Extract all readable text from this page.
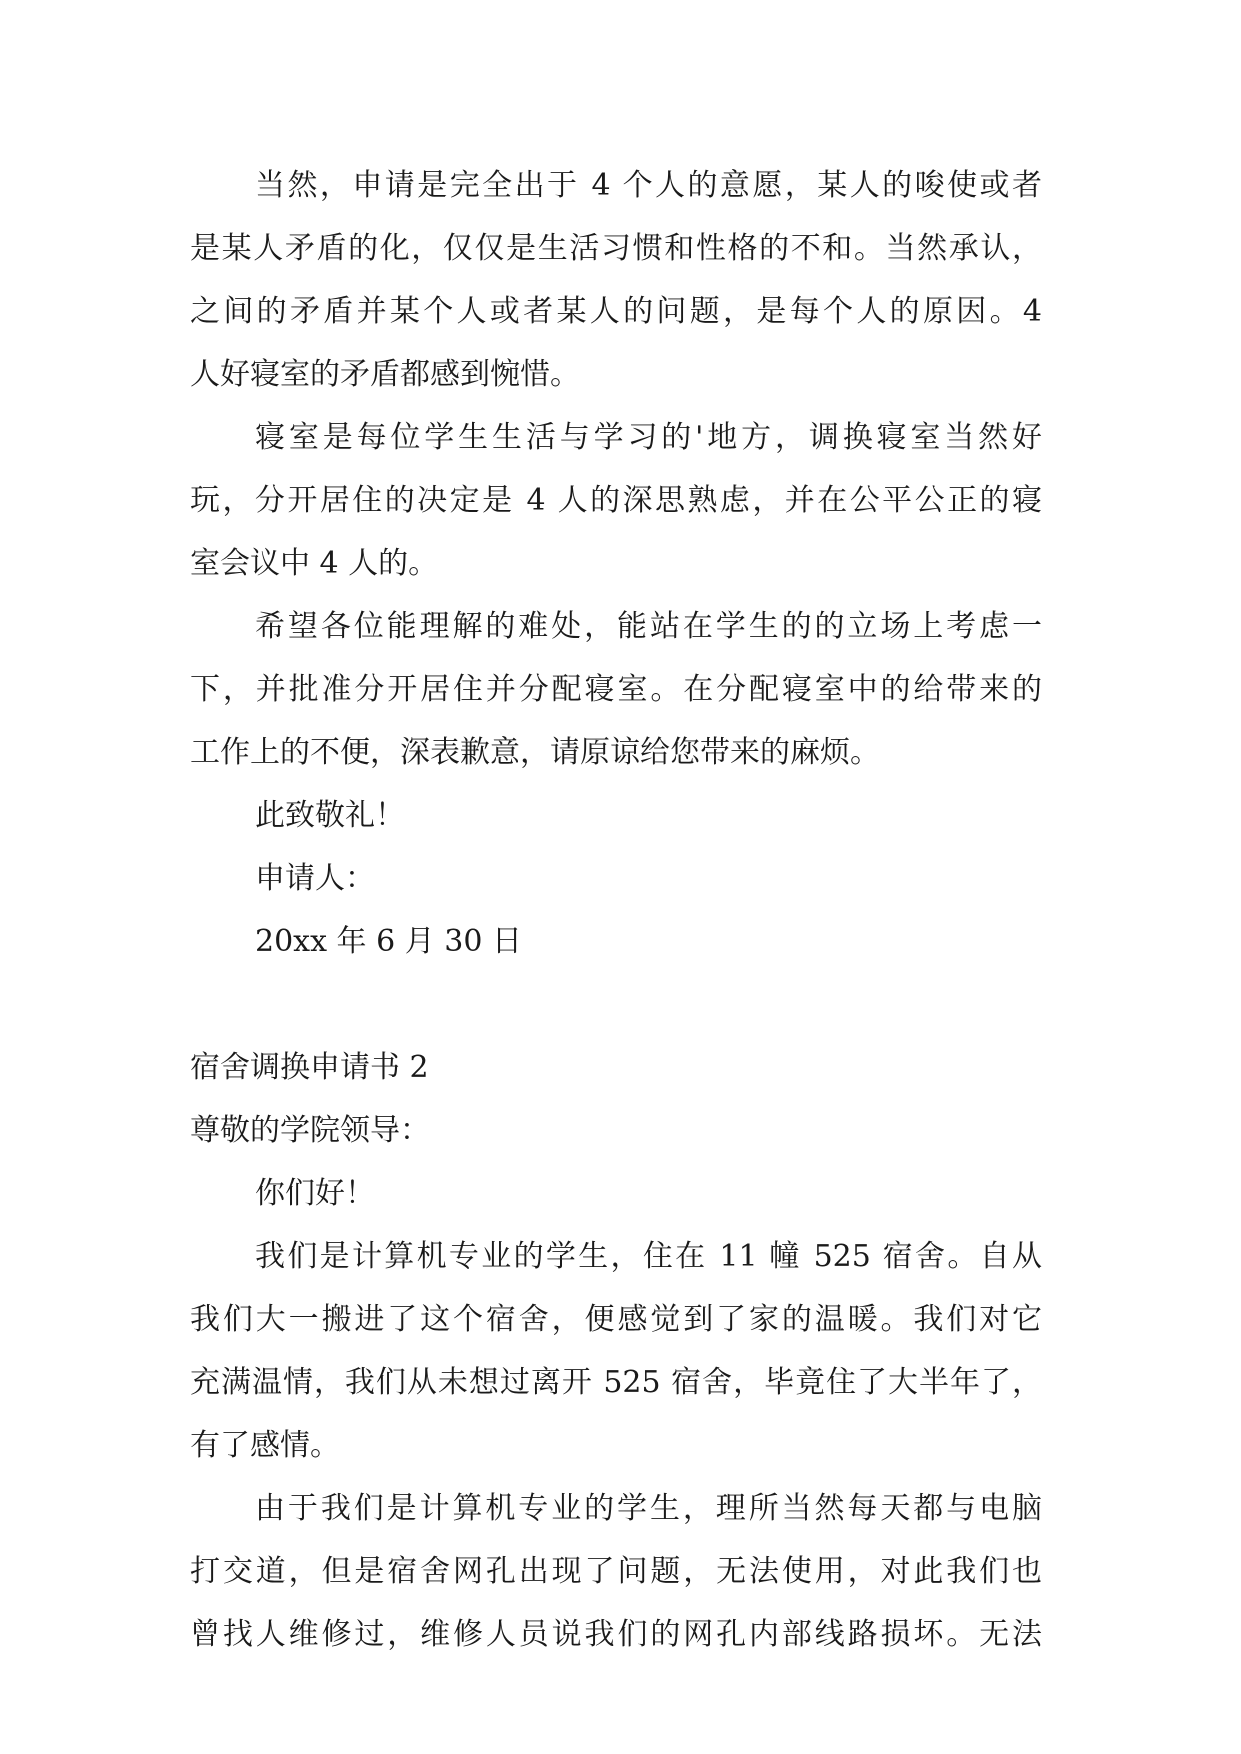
当然，申请是完全出于 4 个人的意愿，某人的唆使或者
是某人矛盾的化，仅仅是生活习惯和性格的不和。当然承认，
之间的矛盾并某个人或者某人的问题，是每个人的原因。4
人好寝室的矛盾都感到惋惜。
寝室是每位学生生活与学习的'地方，调换寝室当然好
玩，分开居住的决定是 4 人的深思熟虑，并在公平公正的寝
室会议中 4 人的。
希望各位能理解的难处，能站在学生的的立场上考虑一
下，并批准分开居住并分配寝室。在分配寝室中的给带来的
工作上的不便，深表歉意，请原谅给您带来的麻烦。
此致敬礼！
申请人：
20xx 年 6 月 30 日
宿舍调换申请书 2
尊敬的学院领导：
你们好！
我们是计算机专业的学生，住在 11 幢 525 宿舍。自从
我们大一搬进了这个宿舍，便感觉到了家的温暖。我们对它
充满温情，我们从未想过离开 525 宿舍，毕竟住了大半年了，
有了感情。
由于我们是计算机专业的学生，理所当然每天都与电脑
打交道，但是宿舍网孔出现了问题，无法使用，对此我们也
曾找人维修过，维修人员说我们的网孔内部线路损坏。无法
